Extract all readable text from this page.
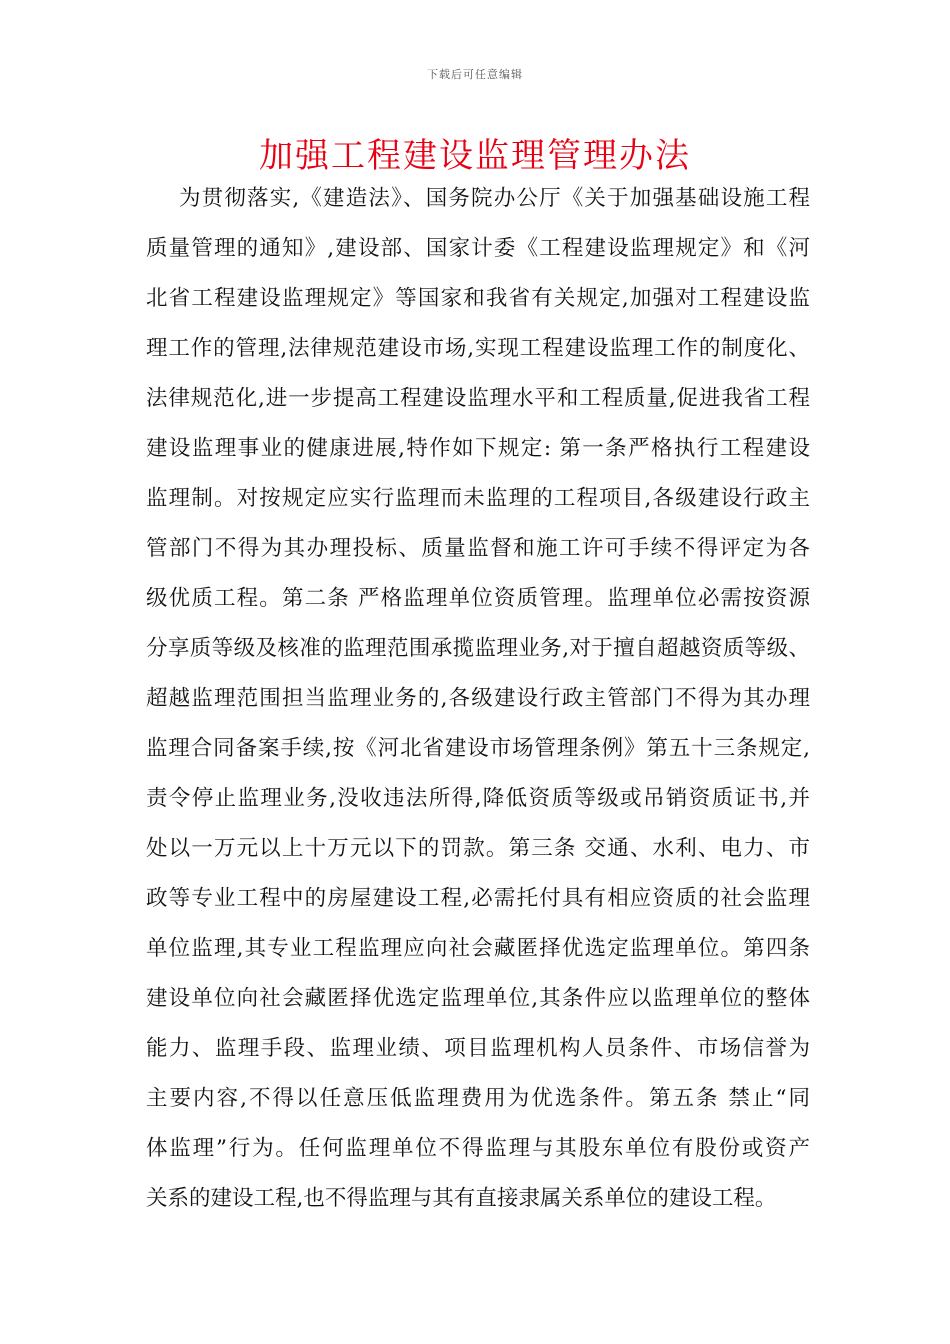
下载后可任意编辑
加强工程建设监理管理办法
为贯彻落实,《建造法》、国务院办公厅《关于加强基础设施工程
质量管理的通知》,建设部、国家计委《工程建设监理规定》和《河
北省工程建设监理规定》等国家和我省有关规定,加强对工程建设监
理工作的管理,法律规范建设市场,实现工程建设监理工作的制度化、
法律规范化,进一步提高工程建设监理水平和工程质量,促进我省工程
建设监理事业的健康进展,特作如下规定: 第一条严格执行工程建设
监理制。对按规定应实行监理而未监理的工程项目,各级建设行政主
管部门不得为其办理投标、质量监督和施工许可手续不得评定为各
级优质工程。第二条 严格监理单位资质管理。监理单位必需按资源
分享质等级及核准的监理范围承揽监理业务,对于擅自超越资质等级、
超越监理范围担当监理业务的,各级建设行政主管部门不得为其办理
监理合同备案手续,按《河北省建设市场管理条例》第五十三条规定,
责令停止监理业务,没收违法所得,降低资质等级或吊销资质证书,并
处以一万元以上十万元以下的罚款。第三条 交通、水利、电力、市
政等专业工程中的房屋建设工程,必需托付具有相应资质的社会监理
单位监理,其专业工程监理应向社会藏匿择优选定监理单位。第四条
建设单位向社会藏匿择优选定监理单位,其条件应以监理单位的整体
能力、监理手段、监理业绩、项目监理机构人员条件、市场信誉为
主要内容,不得以任意压低监理费用为优选条件。第五条 禁止“同
体监理”行为。任何监理单位不得监理与其股东单位有股份或资产
关系的建设工程,也不得监理与其有直接隶属关系单位的建设工程。
